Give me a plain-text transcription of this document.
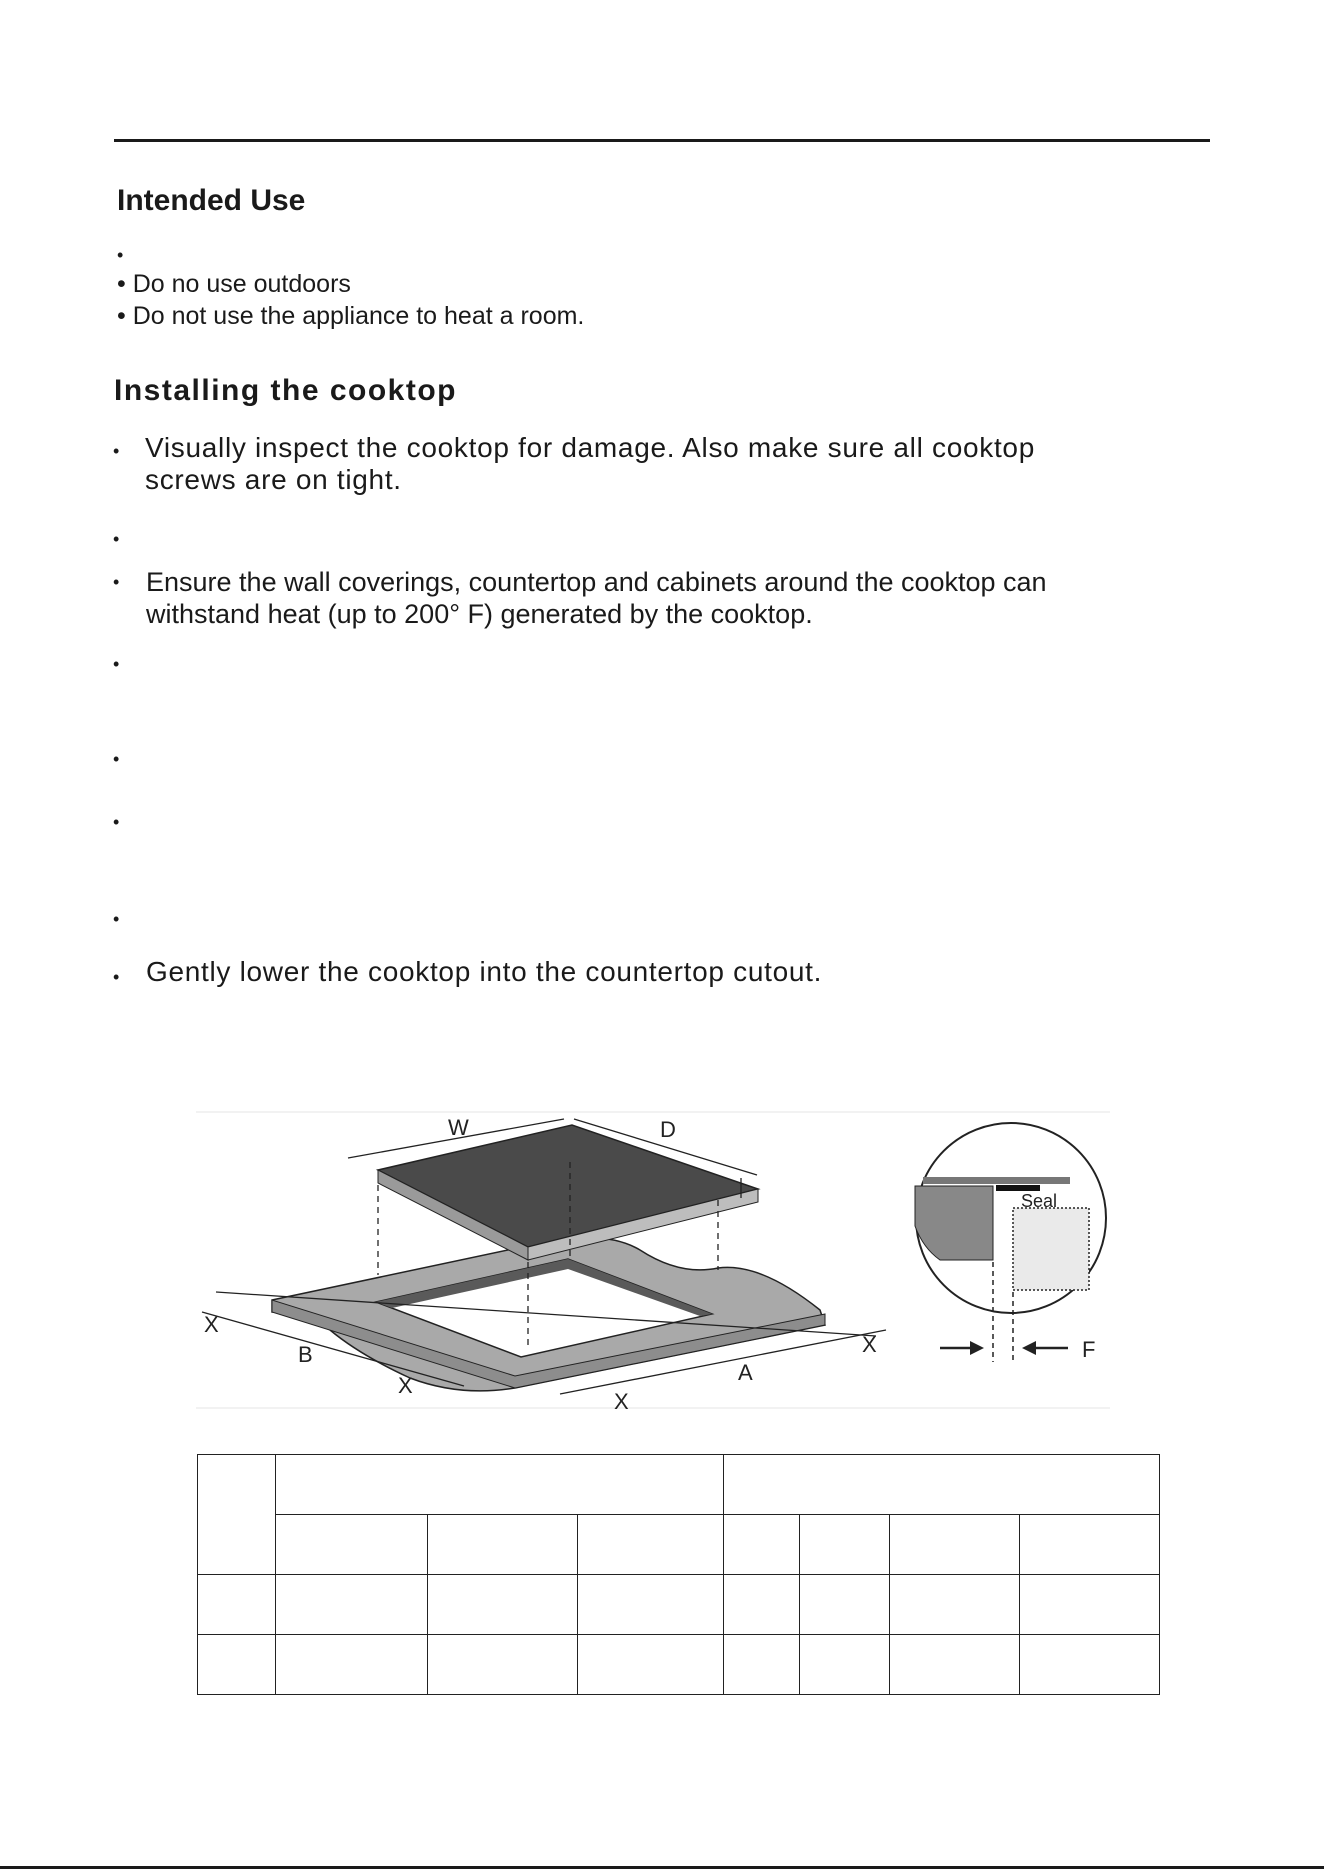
Intended Use
•

• Do no use outdoors

• Do not use the appliance to heat a room.

Installing the cooktop
• Visually inspect the cooktop for damage. Also make sure all cooktop

screws are on tight.

•
• Ensure the wall coverings, countertop and cabinets around the cooktop can

withstand heat (up to 200° F) generated by the cooktop.

•
•
•
•
• Gently lower the cooktop into the countertop cutout.

W	D
B
A
X
X
X
X
Seal
F
